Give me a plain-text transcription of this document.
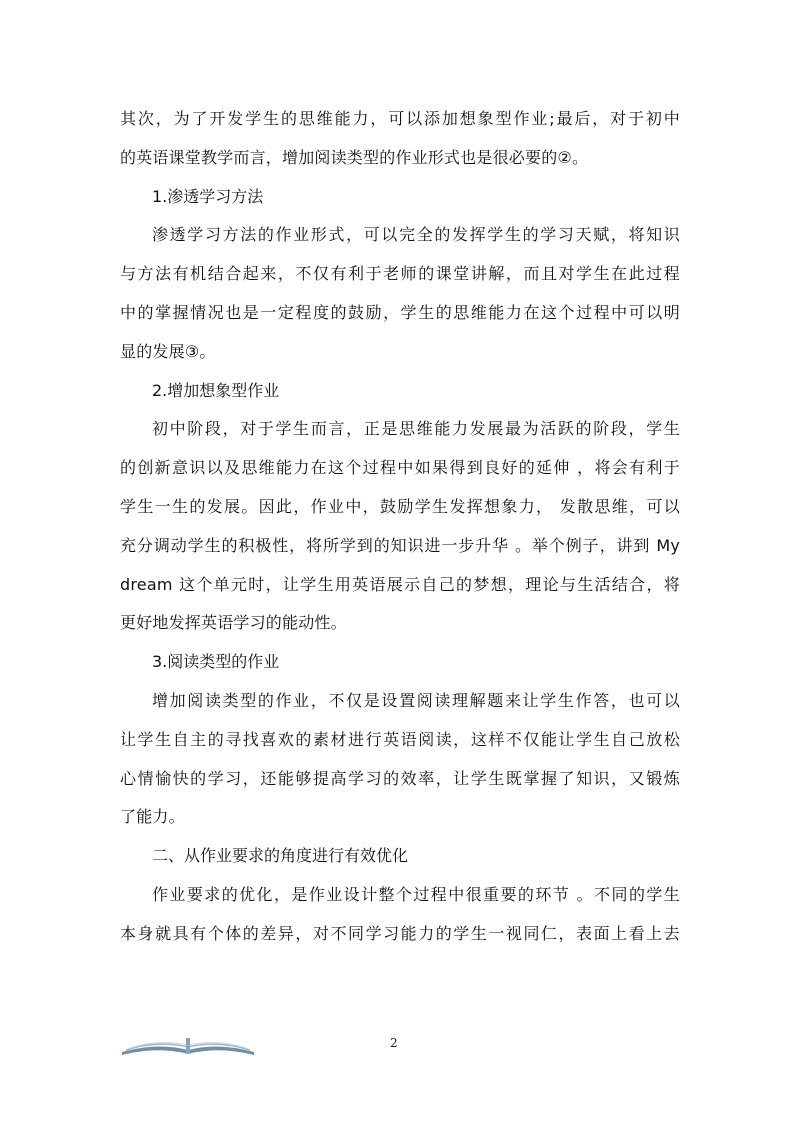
其次，为了开发学生的思维能力，可以添加想象型作业;最后，对于初中
的英语课堂教学而言，增加阅读类型的作业形式也是很必要的②。

1.渗透学习方法

渗透学习方法的作业形式，可以完全的发挥学生的学习天赋，将知识
与方法有机结合起来，不仅有利于老师的课堂讲解，而且对学生在此过程
中的掌握情况也是一定程度的鼓励，学生的思维能力在这个过程中可以明
显的发展③。

2.增加想象型作业

初中阶段，对于学生而言，正是思维能力发展最为活跃的阶段，学生
的创新意识以及思维能力在这个过程中如果得到良好的延伸 ，将会有利于
学生一生的发展。因此，作业中，鼓励学生发挥想象力， 发散思维，可以
充分调动学生的积极性，将所学到的知识进一步升华 。举个例子，讲到 My
dream 这个单元时，让学生用英语展示自己的梦想，理论与生活结合，将
更好地发挥英语学习的能动性。

3.阅读类型的作业

增加阅读类型的作业，不仅是设置阅读理解题来让学生作答，也可以
让学生自主的寻找喜欢的素材进行英语阅读，这样不仅能让学生自己放松
心情愉快的学习，还能够提高学习的效率，让学生既掌握了知识，又锻炼
了能力。

二、从作业要求的角度进行有效优化

作业要求的优化，是作业设计整个过程中很重要的环节 。不同的学生
本身就具有个体的差异，对不同学习能力的学生一视同仁，表面上看上去

2
